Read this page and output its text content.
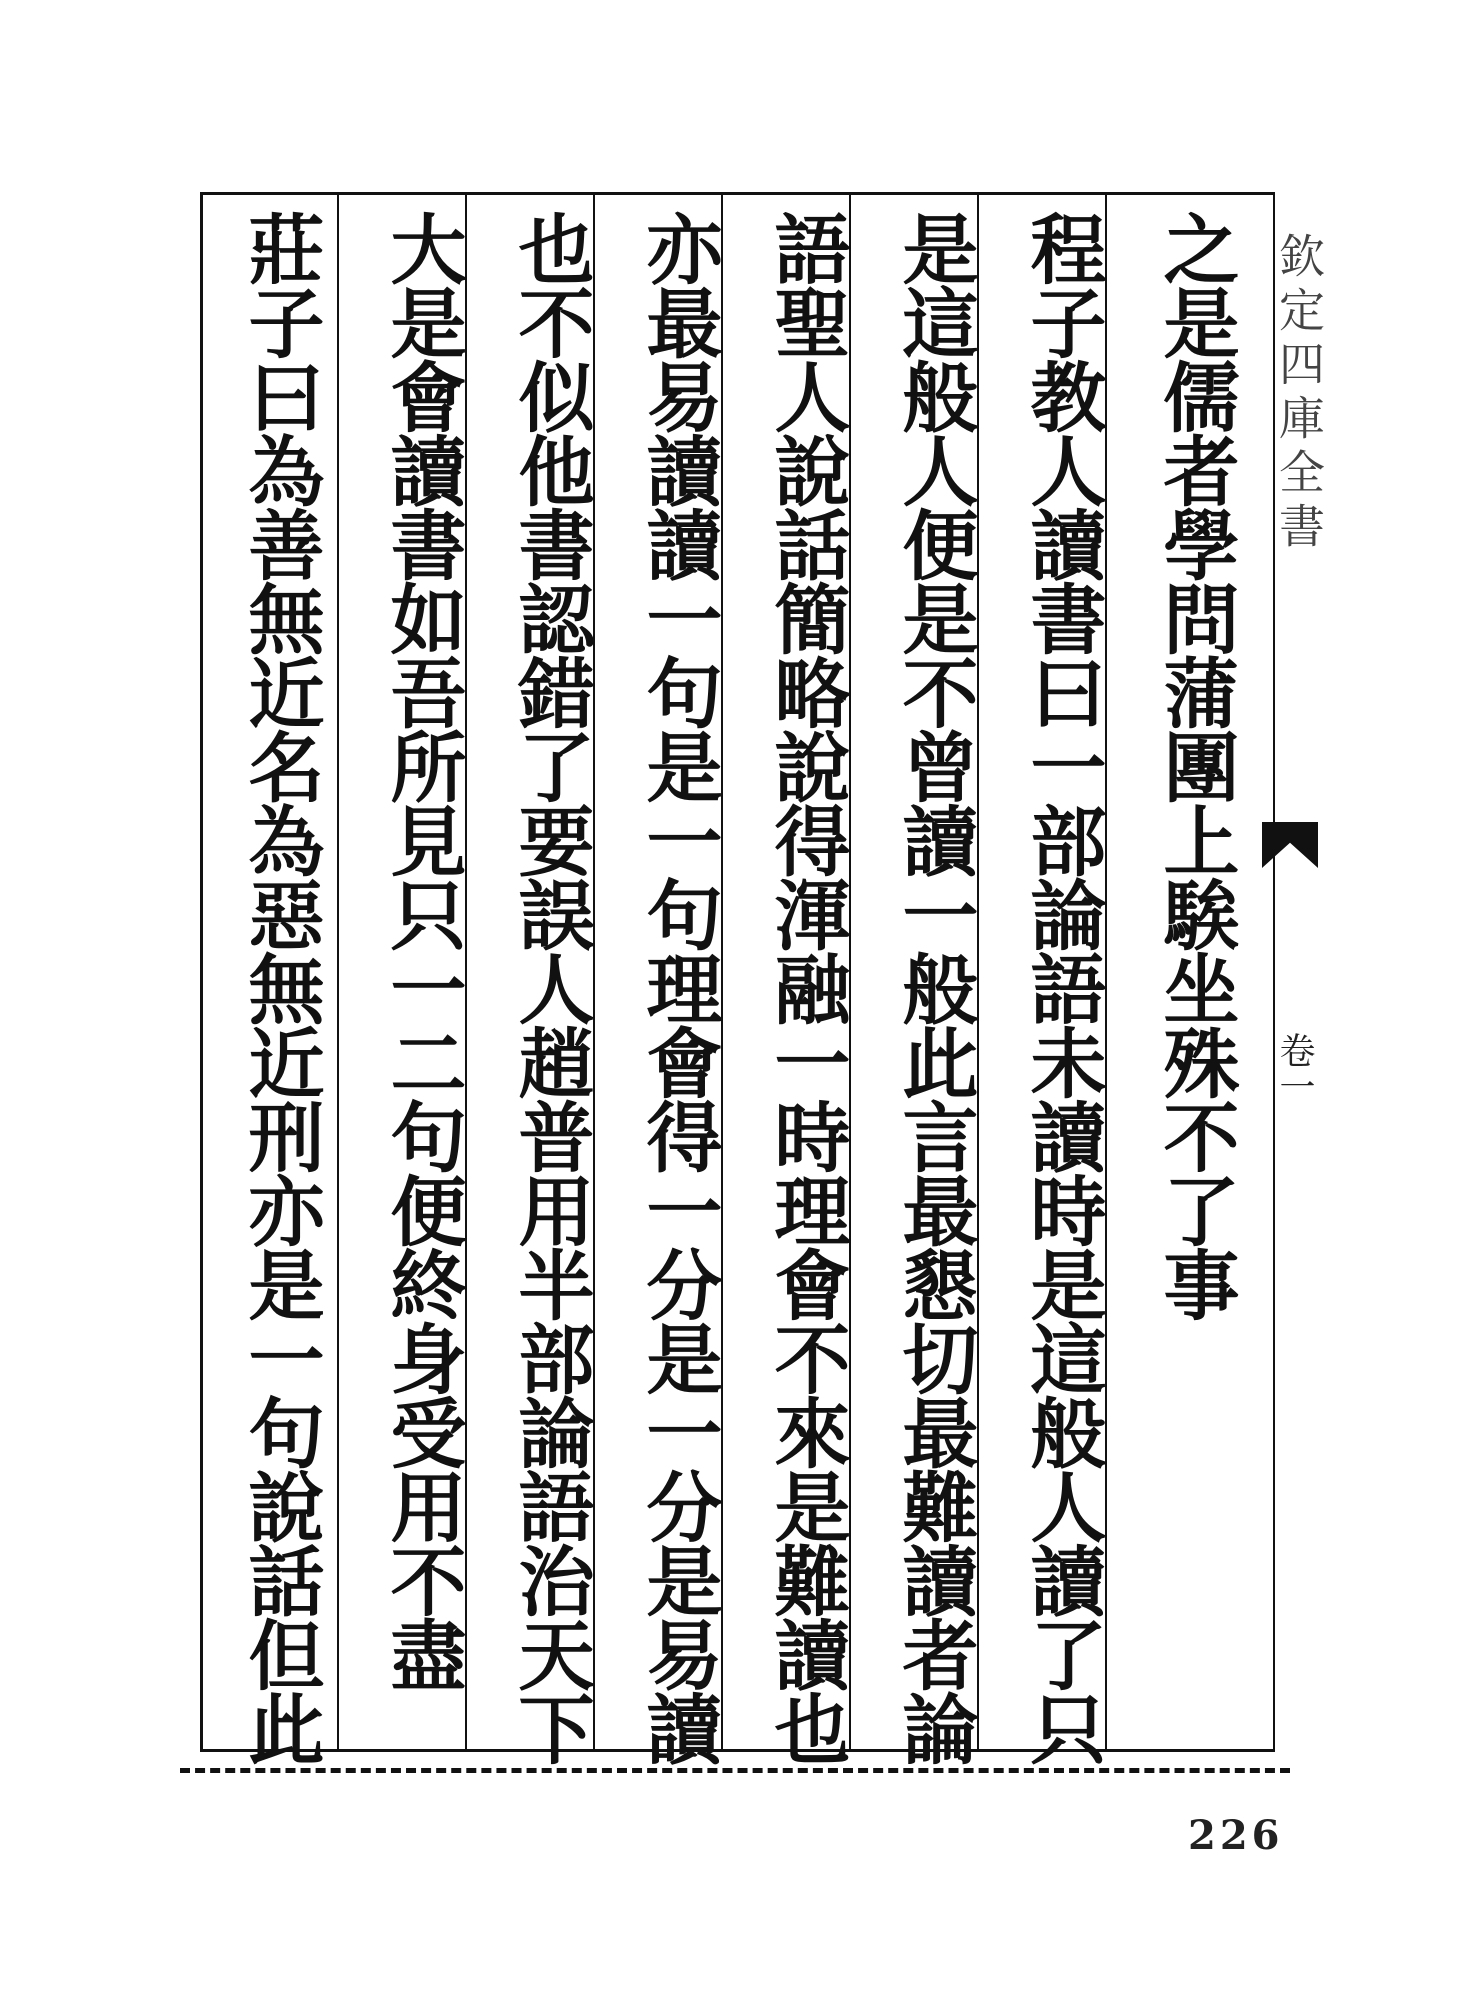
之是儒者學問蒲團上騃坐殊不了事
程子教人讀書曰一部論語未讀時是這般人讀了只
是這般人便是不曾讀一般此言最懇切最難讀者論
語聖人說話簡略說得渾融一時理會不來是難讀也
亦最易讀讀一句是一句理會得一分是一分是易讀
也不似他書認錯了要誤人趙普用半部論語治天下
大是會讀書如吾所見只一二句便終身受用不盡
莊子曰為善無近名為惡無近刑亦是一句說話但此	欽定四庫全書
卷一
226
